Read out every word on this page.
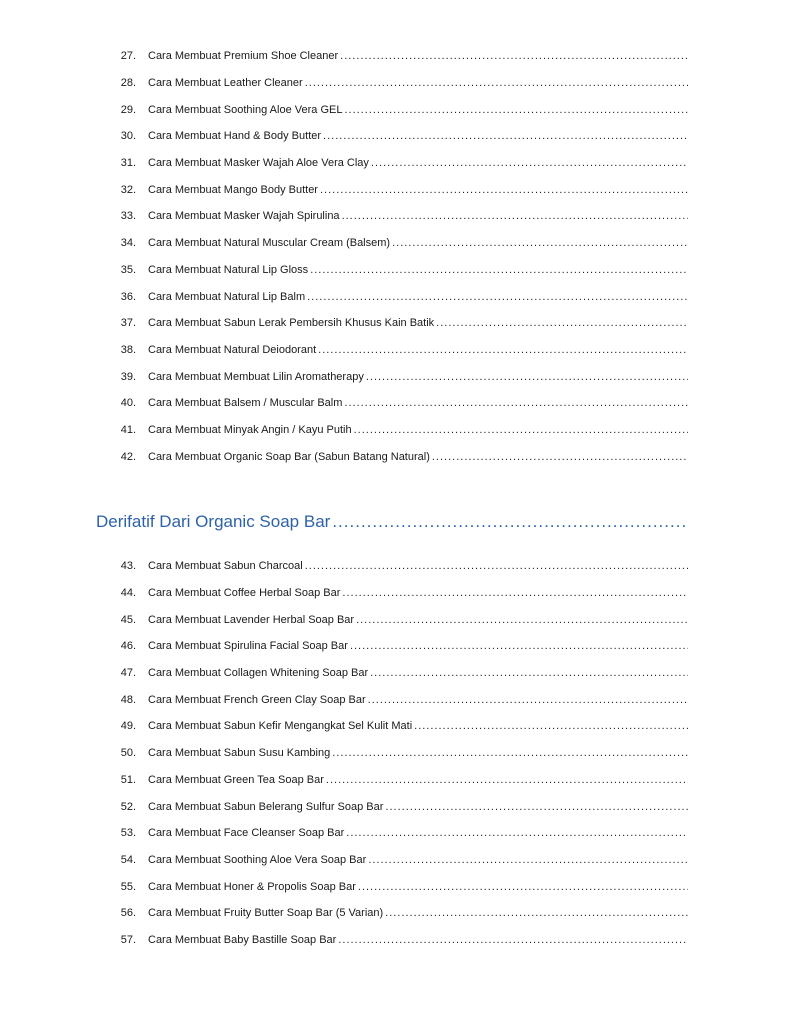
27. Cara Membuat Premium Shoe Cleaner
.....
28. Cara Membuat Leather Cleaner
.....
29. Cara Membuat Soothing Aloe Vera GEL
.....
30. Cara Membuat Hand & Body Butter
.....
31. Cara Membuat Masker Wajah Aloe Vera Clay
.....
32. Cara Membuat Mango Body Butter
.....
33. Cara Membuat Masker Wajah Spirulina
.....
34. Cara Membuat Natural Muscular Cream (Balsem)
.....
35. Cara Membuat Natural Lip Gloss
.....
36. Cara Membuat Natural Lip Balm
.....
37. Cara Membuat Sabun Lerak Pembersih Khusus Kain Batik
.....
38. Cara Membuat Natural Deiodorant
.....
39. Cara Membuat Membuat Lilin Aromatherapy
.....
40. Cara Membuat Balsem / Muscular Balm
.....
41. Cara Membuat Minyak Angin / Kayu Putih
.....
42. Cara Membuat Organic Soap Bar (Sabun Batang Natural)
.....
Derifatif Dari Organic Soap Bar
.....
43. Cara Membuat Sabun Charcoal
.....
44. Cara Membuat Coffee Herbal Soap Bar
.....
45. Cara Membuat Lavender Herbal Soap Bar
.....
46. Cara Membuat Spirulina Facial Soap Bar
.....
47. Cara Membuat Collagen Whitening Soap Bar
.....
48. Cara Membuat French Green Clay Soap Bar
.....
49. Cara Membuat Sabun Kefir Mengangkat Sel Kulit Mati
.....
50. Cara Membuat Sabun Susu Kambing
.....
51. Cara Membuat Green Tea Soap Bar
.....
52. Cara Membuat Sabun Belerang Sulfur Soap Bar
.....
53. Cara Membuat Face Cleanser Soap Bar
.....
54. Cara Membuat Soothing Aloe Vera Soap Bar
.....
55. Cara Membuat Honer & Propolis Soap Bar
.....
56. Cara Membuat Fruity Butter Soap Bar (5 Varian)
.....
57. Cara Membuat Baby Bastille Soap Bar
.....
